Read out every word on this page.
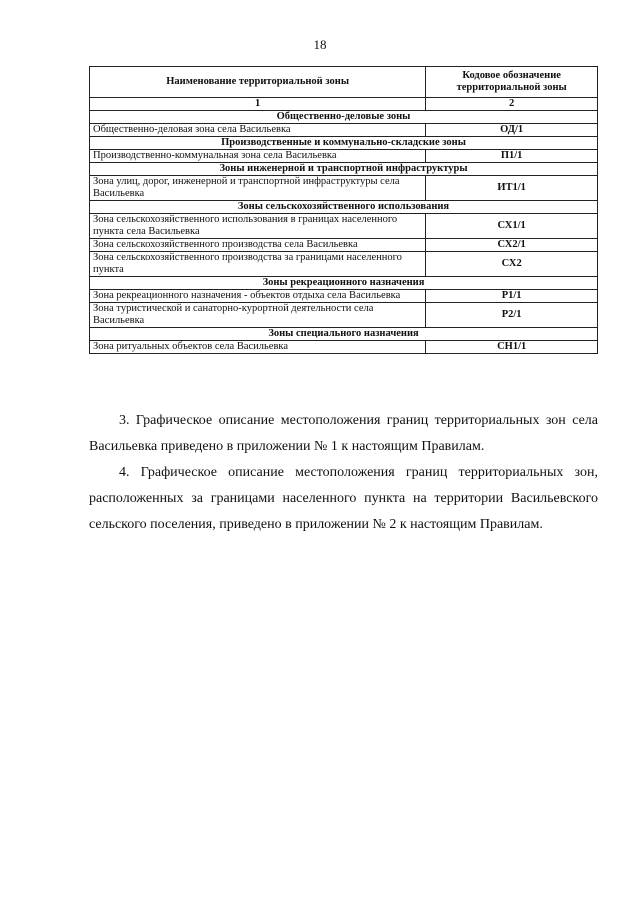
18
Наименование территориальной зоны	Кодовое обозначение территориальной зоны
1	2
Общественно-деловые зоны	
Общественно-деловая зона села Васильевка	ОД/1
Производственные и коммунально-складские зоны	
Производственно-коммунальная зона села Васильевка	П1/1
Зоны инженерной и транспортной инфраструктуры	
Зона улиц, дорог, инженерной и транспортной инфраструктуры села Васильевка	ИТ1/1
Зоны сельскохозяйственного использования	
Зона сельскохозяйственного использования в границах населенного пункта села Васильевка	СХ1/1
Зона сельскохозяйственного производства села Васильевка	СХ2/1
Зона сельскохозяйственного производства за границами населенного пункта	СХ2
Зоны рекреационного назначения	
Зона рекреационного назначения - объектов отдыха села Васильевка	Р1/1
Зона туристической и санаторно-курортной деятельности села Васильевка	Р2/1
Зоны специального назначения	
Зона ритуальных объектов села Васильевка	СН1/1

3. Графическое описание местоположения границ территориальных зон села Васильевка приведено в приложении № 1 к настоящим Правилам.

4. Графическое описание местоположения границ территориальных зон, расположенных за границами населенного пункта на территории Васильевского сельского поселения, приведено в приложении № 2 к настоящим Правилам.
